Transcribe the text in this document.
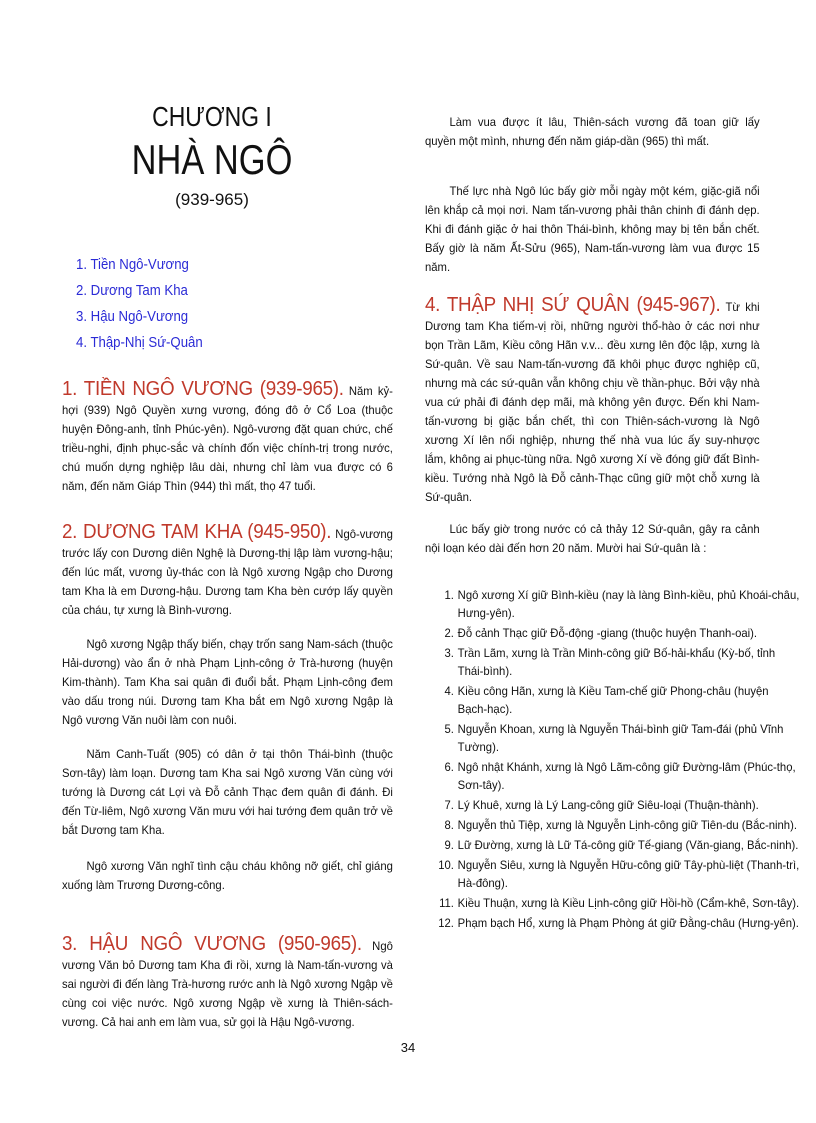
CHƯƠNG I
NHÀ NGÔ
(939-965)
1. Tiền Ngô-Vương
2. Dương Tam Kha
3. Hậu Ngô-Vương
4. Thập-Nhị Sứ-Quân

1. TIỀN NGÔ VƯƠNG (939-965). Năm kỷ-hợi (939) Ngô Quyền xưng vương, đóng đô ở Cổ Loa (thuộc huyện Đông-anh, tỉnh Phúc-yên). Ngô-vương đặt quan chức, chế triều-nghi, định phục-sắc và chính đốn việc chính-trị trong nước, chú muốn dựng nghiệp lâu dài, nhưng chỉ làm vua được có 6 năm, đến năm Giáp Thìn (944) thì mất, thọ 47 tuổi.

2. DƯƠNG TAM KHA (945-950). Ngô-vương trước lấy con Dương diên Nghệ là Dương-thị lập làm vương-hậu; đến lúc mất, vương ủy-thác con là Ngô xương Ngập cho Dương tam Kha là em Dương-hậu. Dương tam Kha bèn cướp lấy quyền của cháu, tự xưng là Bình-vương.

Ngô xương Ngập thấy biến, chạy trốn sang Nam-sách (thuộc Hải-dương) vào ẩn ở nhà Phạm Lịnh-công ở Trà-hương (huyện Kim-thành). Tam Kha sai quân đi đuổi bắt. Phạm Lịnh-công đem vào dấu trong núi. Dương tam Kha bắt em Ngô xương Ngập là Ngô vương Văn nuôi làm con nuôi.

Năm Canh-Tuất (905) có dân ở tại thôn Thái-bình (thuộc Sơn-tây) làm loạn. Dương tam Kha sai Ngô xương Văn cùng với tướng là Dương cát Lợi và Đỗ cảnh Thạc đem quân đi đánh. Đi đến Từ-liêm, Ngô xương Văn mưu với hai tướng đem quân trở về bắt Dương tam Kha.

Ngô xương Văn nghĩ tình cậu cháu không nỡ giết, chỉ giáng xuống làm Trương Dương-công.

3. HẬU NGÔ VƯƠNG (950-965). Ngô vương Văn bỏ Dương tam Kha đi rồi, xưng là Nam-tấn-vương và sai người đi đến làng Trà-hương rước anh là Ngô xương Ngập về cùng coi việc nước. Ngô xương Ngập về xưng là Thiên-sách-vương. Cả hai anh em làm vua, sử gọi là Hậu Ngô-vương.

Làm vua được ít lâu, Thiên-sách vương đã toan giữ lấy quyền một mình, nhưng đến năm giáp-dần (965) thì mất.

Thế lực nhà Ngô lúc bấy giờ mỗi ngày một kém, giặc-giã nổi lên khắp cả mọi nơi. Nam tấn-vương phải thân chinh đi đánh dẹp. Khi đi đánh giặc ở hai thôn Thái-bình, không may bị tên bắn chết. Bấy giờ là năm Ất-Sửu (965), Nam-tấn-vương làm vua được 15 năm.

4. THẬP NHỊ SỨ QUÂN (945-967). Từ khi Dương tam Kha tiếm-vị rồi, những người thổ-hào ở các nơi như bọn Trần Lãm, Kiều công Hãn v.v... đều xưng lên độc lập, xưng là Sứ-quân. Về sau Nam-tấn-vương đã khôi phục được nghiệp cũ, nhưng mà các sứ-quân vẫn không chịu về thần-phục. Bởi vậy nhà vua cứ phải đi đánh dẹp mãi, mà không yên được. Đến khi Nam-tấn-vương bị giặc bắn chết, thì con Thiên-sách-vương là Ngô xương Xí lên nối nghiệp, nhưng thế nhà vua lúc ấy suy-nhược lắm, không ai phục-tùng nữa. Ngô xương Xí về đóng giữ đất Bình-kiều. Tướng nhà Ngô là Đỗ cảnh-Thạc cũng giữ một chỗ xưng là Sứ-quân.

Lúc bấy giờ trong nước có cả thảy 12 Sứ-quân, gây ra cảnh nội loạn kéo dài đến hơn 20 năm. Mười hai Sứ-quân là :

1. Ngô xương Xí giữ Bình-kiều (nay là làng Bình-kiều, phủ Khoái-châu, Hưng-yên).
2. Đỗ cảnh Thạc giữ Đỗ-động -giang (thuộc huyện Thanh-oai).
3. Trần Lãm, xưng là Trần Minh-công giữ Bố-hải-khẩu (Kỳ-bố, tỉnh Thái-bình).
4. Kiều công Hãn, xưng là Kiều Tam-chế giữ Phong-châu (huyện Bạch-hạc).
5. Nguyễn Khoan, xưng là Nguyễn Thái-bình giữ Tam-đái (phủ Vĩnh Tường).
6. Ngô nhật Khánh, xưng là Ngô Lãm-công giữ Đường-lâm (Phúc-thọ, Sơn-tây).
7. Lý Khuê, xưng là Lý Lang-công giữ Siêu-loại (Thuận-thành).
8. Nguyễn thủ Tiệp, xưng là Nguyễn Lịnh-công giữ Tiên-du (Bắc-ninh).
9. Lữ Đường, xưng là Lữ Tá-công giữ Tế-giang (Văn-giang, Bắc-ninh).
10. Nguyễn Siêu, xưng là Nguyễn Hữu-công giữ Tây-phù-liệt (Thanh-trì, Hà-đông).
11. Kiều Thuận, xưng là Kiều Lịnh-công giữ Hồi-hồ (Cẩm-khê, Sơn-tây).
12. Phạm bạch Hổ, xưng là Phạm Phòng át giữ Đằng-châu (Hưng-yên).
34
